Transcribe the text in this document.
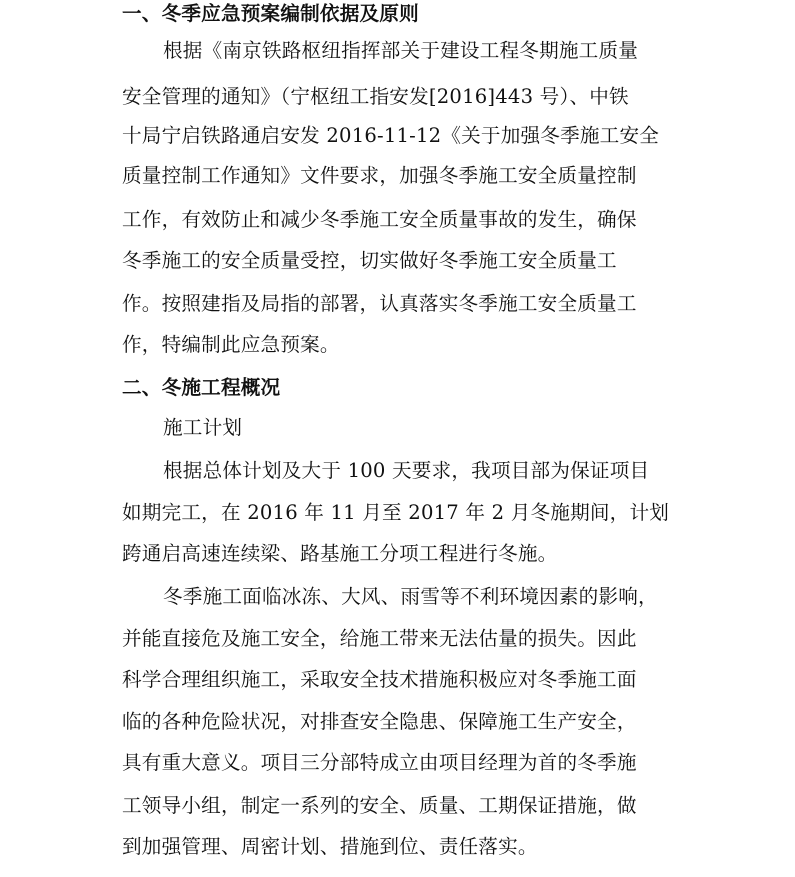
一、冬季应急预案编制依据及原则
根据《南京铁路枢纽指挥部关于建设工程冬期施工质量
安全管理的通知》（宁枢纽工指安发[2016]443 号）、中铁
十局宁启铁路通启安发 2016-11-12《关于加强冬季施工安全
质量控制工作通知》文件要求，加强冬季施工安全质量控制
工作，有效防止和减少冬季施工安全质量事故的发生，确保
冬季施工的安全质量受控，切实做好冬季施工安全质量工
作。按照建指及局指的部署，认真落实冬季施工安全质量工
作，特编制此应急预案。
二、冬施工程概况
施工计划
根据总体计划及大于 100 天要求，我项目部为保证项目
如期完工，在 2016 年 11 月至 2017 年 2 月冬施期间，计划
跨通启高速连续梁、路基施工分项工程进行冬施。
冬季施工面临冰冻、大风、雨雪等不利环境因素的影响，
并能直接危及施工安全，给施工带来无法估量的损失。因此
科学合理组织施工，采取安全技术措施积极应对冬季施工面
临的各种危险状况，对排查安全隐患、保障施工生产安全，
具有重大意义。项目三分部特成立由项目经理为首的冬季施
工领导小组，制定一系列的安全、质量、工期保证措施，做
到加强管理、周密计划、措施到位、责任落实。
